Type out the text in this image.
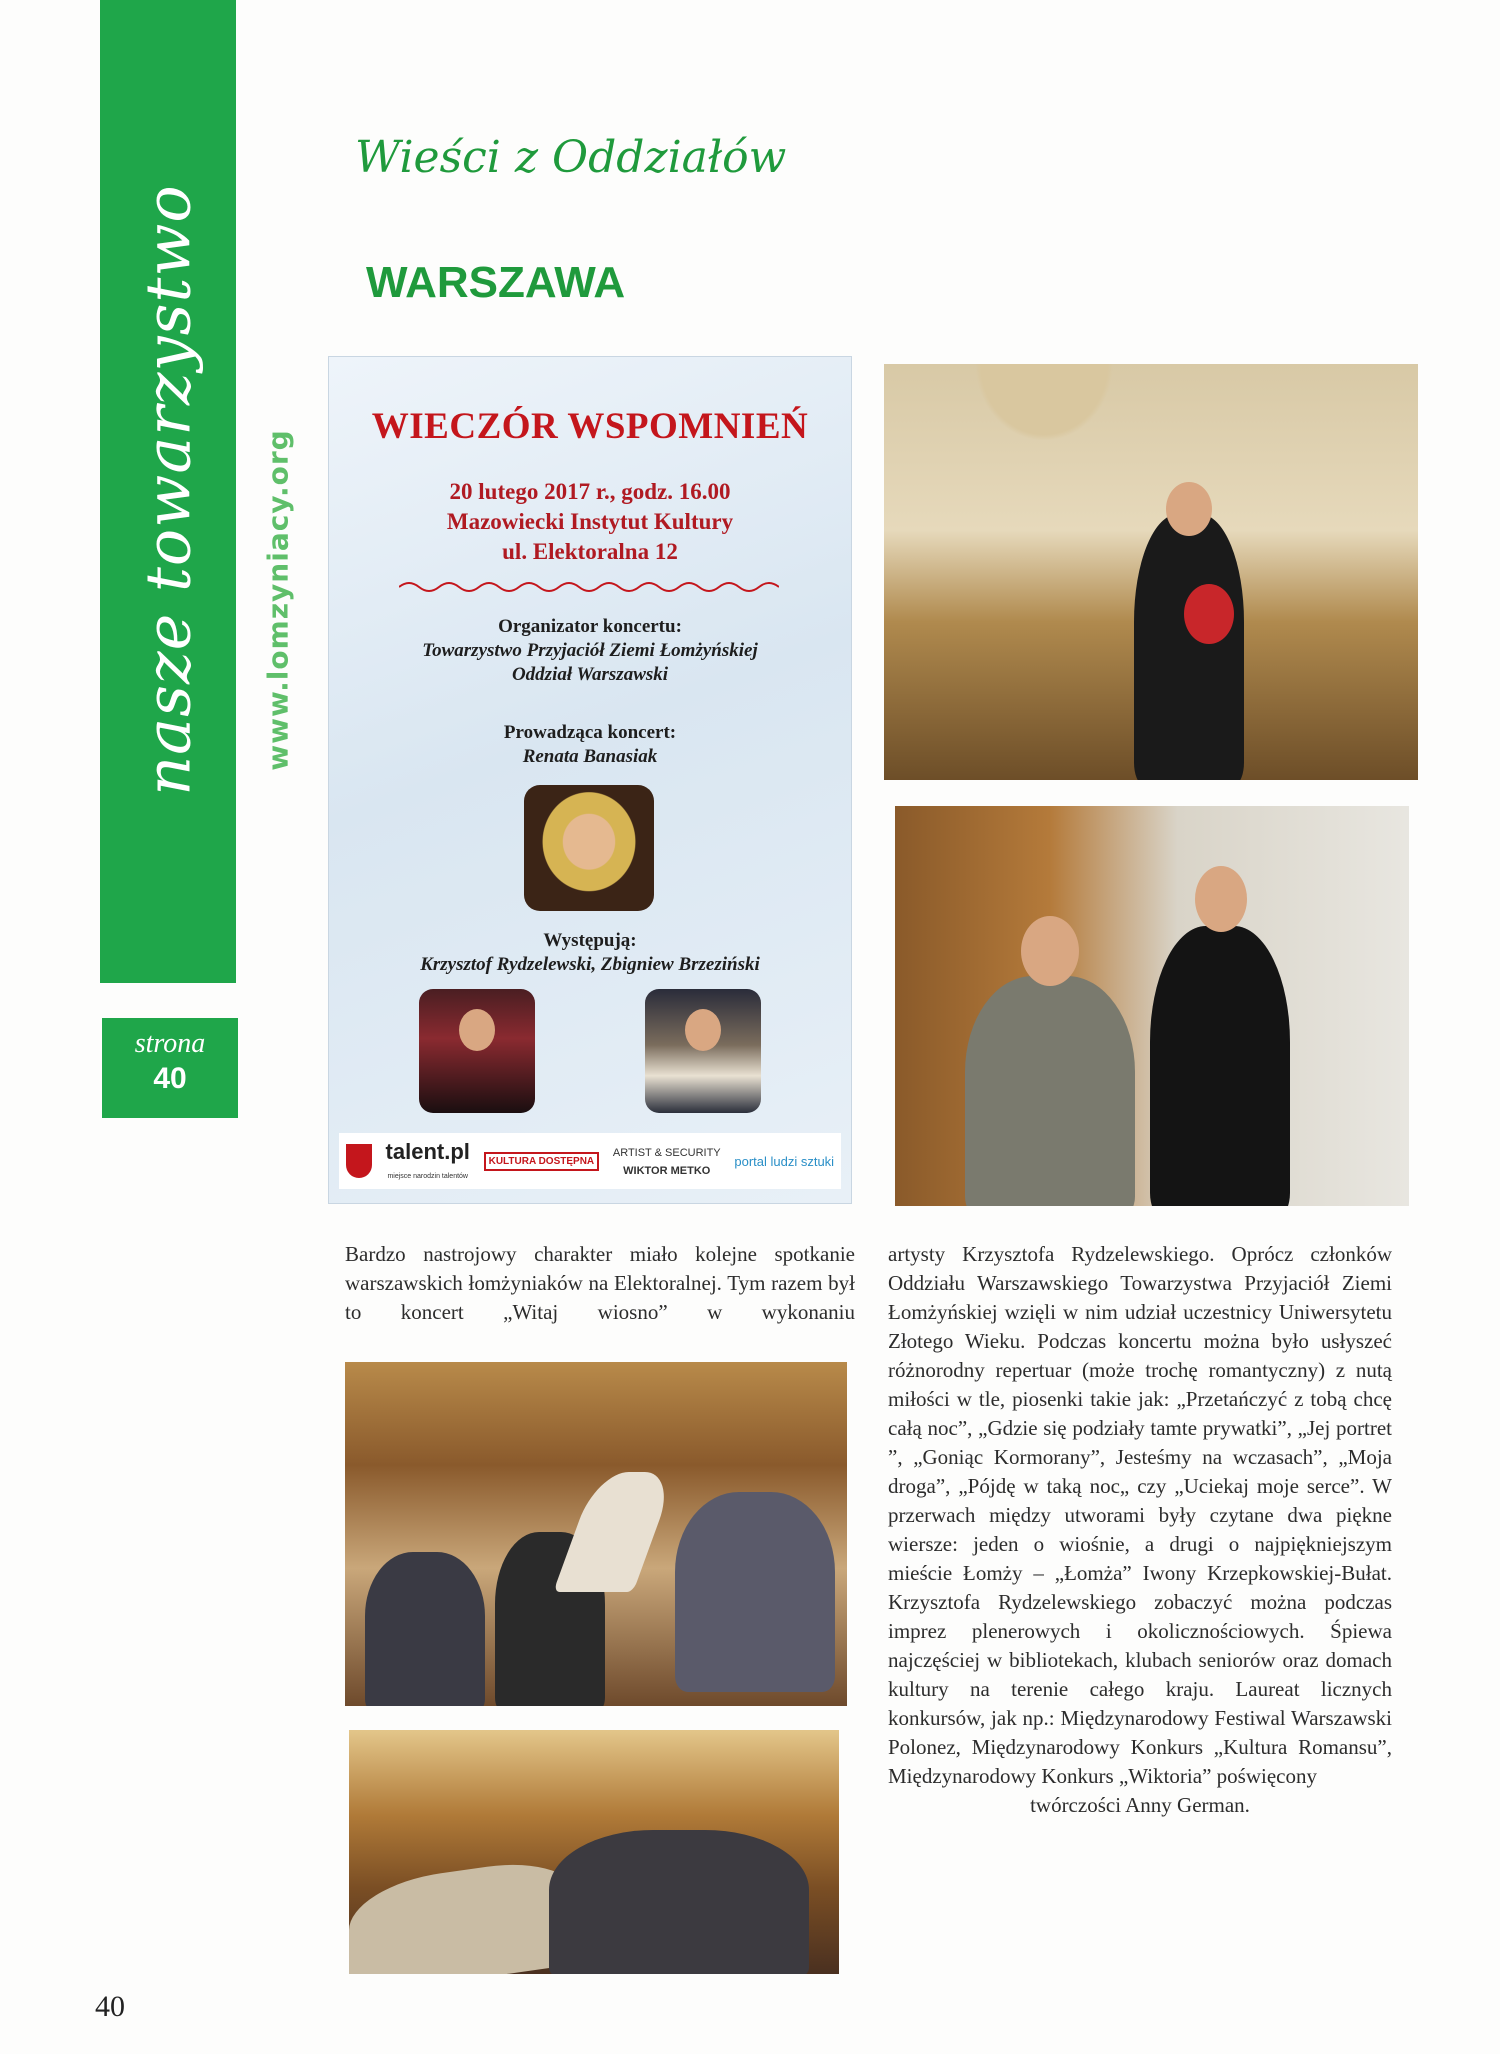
nasze towarzystwo www.lomzyniacy.org
strona
40
Wieści z Oddziałów
WARSZAWA
WIECZÓR WSPOMNIEŃ
20 lutego 2017 r., godz. 16.00
Mazowiecki Instytut Kultury
ul. Elektoralna 12
Organizator koncertu:
Towarzystwo Przyjaciół Ziemi Łomżyńskiej
Oddział Warszawski
Prowadząca koncert:
Renata Banasiak
Występują:
Krzysztof Rydzelewski, Zbigniew Brzeziński
talent.pl
miejsce narodzin talentów
KULTURA DOSTĘPNA
ARTIST & SECURITY
WIKTOR METKO
portal ludzi sztuki
Bardzo nastrojowy charakter miało kolejne spotkanie warszawskich łomżyniaków na Elektoralnej. Tym razem był to koncert „Witaj wiosno” w wykonaniu
artysty Krzysztofa Rydzelewskiego. Oprócz członków Oddziału Warszawskiego Towarzystwa Przyjaciół Ziemi Łomżyńskiej wzięli w nim udział uczestnicy Uniwersytetu Złotego Wieku. Podczas koncertu można było usłyszeć różnorodny repertuar (może trochę romantyczny) z nutą miłości w tle, piosenki takie jak: „Przetańczyć z tobą chcę całą noc”, „Gdzie się podziały tamte prywatki”, „Jej portret ”, „Goniąc Kormorany”, Jesteśmy na wczasach”, „Moja droga”, „Pójdę w taką noc„ czy „Uciekaj moje serce”. W przerwach między utworami były czytane dwa piękne wiersze: jeden o wiośnie, a drugi o najpiękniejszym mieście Łomży – „Łomża” Iwony Krzepkowskiej-Bułat. Krzysztofa Rydzelewskiego zobaczyć można podczas imprez plenerowych i okolicznościowych. Śpiewa najczęściej w bibliotekach, klubach seniorów oraz domach kultury na terenie całego kraju. Laureat licznych konkursów, jak np.: Międzynarodowy Festiwal Warszawski Polonez, Międzynarodowy Konkurs „Kultura Romansu”, Międzynarodowy Konkurs „Wiktoria” poświęcony
twórczości Anny German.
40
